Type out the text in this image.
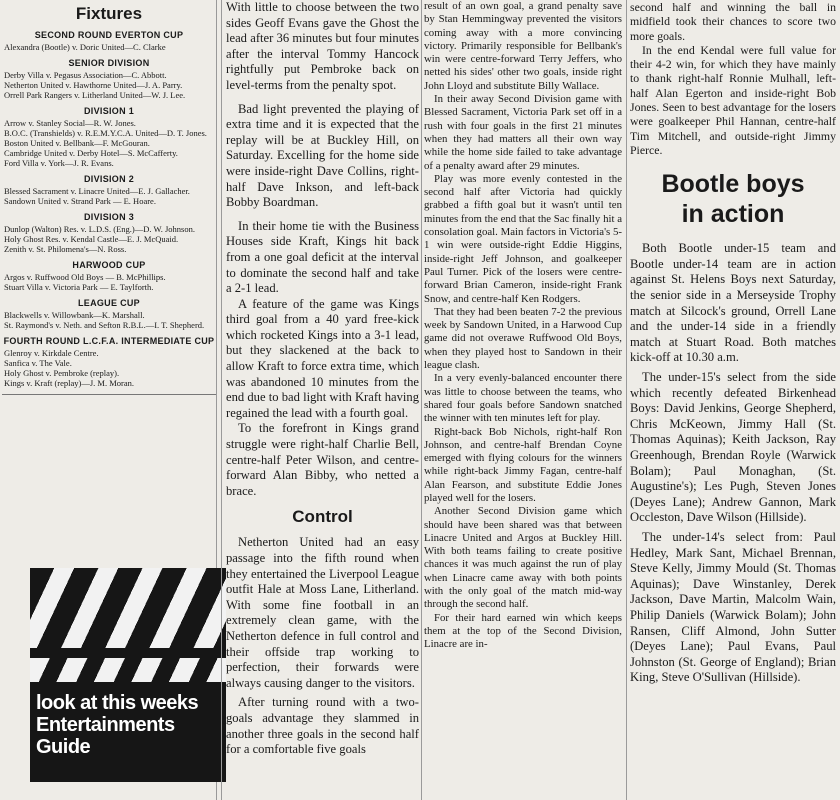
Fixtures
SECOND ROUND EVERTON CUP
Alexandra (Bootle) v. Doric United—C. Clarke
SENIOR DIVISION
Derby Villa v. Pegasus Association—C. Abbott.
Netherton United v. Hawthorne United—J. A. Parry.
Orrell Park Rangers v. Litherland United—W. J. Lee.
DIVISION 1
Arrow v. Stanley Social—R. W. Jones.
B.O.C. (Transhields) v. R.E.M.Y.C.A. United—D. T. Jones.
Boston United v. Bellbank—F. McGouran.
Cambridge United v. Derby Hotel—S. McCafferty.
Ford Villa v. York—J. R. Evans.
DIVISION 2
Blessed Sacrament v. Linacre United—E. J. Gallacher.
Sandown United v. Strand Park — E. Hoare.
DIVISION 3
Dunlop (Walton) Res. v. L.D.S. (Eng.)—D. W. Johnson.
Holy Ghost Res. v. Kendal Castle—E. J. McQuaid.
Zenith v. St. Philomena's—N. Ross.
HARWOOD CUP
Argos v. Ruffwood Old Boys — B. McPhillips.
Stuart Villa v. Victoria Park — E. Taylforth.
LEAGUE CUP
Blackwells v. Willowbank—K. Marshall.
St. Raymond's v. Neth. and Sefton R.B.L.—I. T. Shepherd.
FOURTH ROUND L.C.F.A. INTERMEDIATE CUP
Glenroy v. Kirkdale Centre.
Sanfica v. The Vale.
Holy Ghost v. Pembroke (replay).
Kings v. Kraft (replay)—J. M. Moran.
look at this weeks Entertainments Guide

With little to choose between the two sides Geoff Evans gave the Ghost the lead after 36 minutes but four minutes after the interval Tommy Hancock rightfully put Pembroke back on level-terms from the penalty spot.

Bad light prevented the playing of extra time and it is expected that the replay will be at Buckley Hill, on Saturday. Excelling for the home side were inside-right Dave Collins, right-half Dave Inkson, and left-back Bobby Boardman.

In their home tie with the Business Houses side Kraft, Kings hit back from a one goal deficit at the interval to dominate the second half and take a 2-1 lead.

A feature of the game was Kings third goal from a 40 yard free-kick which rocketed Kings into a 3-1 lead, but they slackened at the back to allow Kraft to force extra time, which was abandoned 10 minutes from the end due to bad light with Kraft having regained the lead with a fourth goal.

To the forefront in Kings grand struggle were right-half Charlie Bell, centre-half Peter Wilson, and centre-forward Alan Bibby, who netted a brace.

Control

Netherton United had an easy passage into the fifth round when they entertained the Liverpool League outfit Hale at Moss Lane, Litherland. With some fine football in an extremely clean game, with the Netherton defence in full control and their offside trap working to perfection, their forwards were always causing danger to the visitors.

After turning round with a two-goals advantage they slammed in another three goals in the second half for a comfortable five goals

result of an own goal, a grand penalty save by Stan Hemmingway prevented the visitors coming away with a more convincing victory. Primarily responsible for Bellbank's win were centre-forward Terry Jeffers, who netted his sides' other two goals, inside right John Lloyd and substitute Billy Wallace.

In their away Second Division game with Blessed Sacrament, Victoria Park set off in a rush with four goals in the first 21 minutes when they had matters all their own way while the home side failed to take advantage of a penalty award after 29 minutes.

Play was more evenly contested in the second half after Victoria had quickly grabbed a fifth goal but it wasn't until ten minutes from the end that the Sac finally hit a consolation goal. Main factors in Victoria's 5-1 win were outside-right Eddie Higgins, inside-right Jeff Johnson, and goalkeeper Paul Turner. Pick of the losers were centre-forward Brian Cameron, inside-right Frank Snow, and centre-half Ken Rodgers.

That they had been beaten 7-2 the previous week by Sandown United, in a Harwood Cup game did not overawe Ruffwood Old Boys, when they played host to Sandown in their league clash.

In a very evenly-balanced encounter there was little to choose between the teams, who shared four goals before Sandown snatched the winner with ten minutes left for play.

Right-back Bob Nichols, right-half Ron Johnson, and centre-half Brendan Coyne emerged with flying colours for the winners while right-back Jimmy Fagan, centre-half Alan Fearson, and substitute Eddie Jones played well for the losers.

Another Second Division game which should have been shared was that between Linacre United and Argos at Buckley Hill. With both teams failing to create positive chances it was much against the run of play when Linacre came away with both points with the only goal of the match mid-way through the second half.

For their hard earned win which keeps them at the top of the Second Division, Linacre are in-

second half and winning the ball in midfield took their chances to score two more goals.

In the end Kendal were full value for their 4-2 win, for which they have mainly to thank right-half Ronnie Mulhall, left-half Alan Egerton and inside-right Bob Jones. Seen to best advantage for the losers were goalkeeper Phil Hannan, centre-half Tim Mitchell, and outside-right Jimmy Pierce.

Bootle boys
in action

Both Bootle under-15 team and Bootle under-14 team are in action against St. Helens Boys next Saturday, the senior side in a Merseyside Trophy match at Silcock's ground, Orrell Lane and the under-14 side in a friendly match at Stuart Road. Both matches kick-off at 10.30 a.m.

The under-15's select from the side which recently defeated Birkenhead Boys: David Jenkins, George Shepherd, Chris McKeown, Jimmy Hall (St. Thomas Aquinas); Keith Jackson, Ray Greenhough, Brendan Royle (Warwick Bolam); Paul Monaghan, (St. Augustine's); Les Pugh, Steven Jones (Deyes Lane); Andrew Gannon, Mark Occleston, Dave Wilson (Hillside).

The under-14's select from: Paul Hedley, Mark Sant, Michael Brennan, Steve Kelly, Jimmy Mould (St. Thomas Aquinas); Dave Winstanley, Derek Jackson, Dave Martin, Malcolm Wain, Philip Daniels (Warwick Bolam); John Ransen, Cliff Almond, John Sutter (Deyes Lane); Paul Evans, Paul Johnston (St. George of England); Brian King, Steve O'Sullivan (Hillside).
